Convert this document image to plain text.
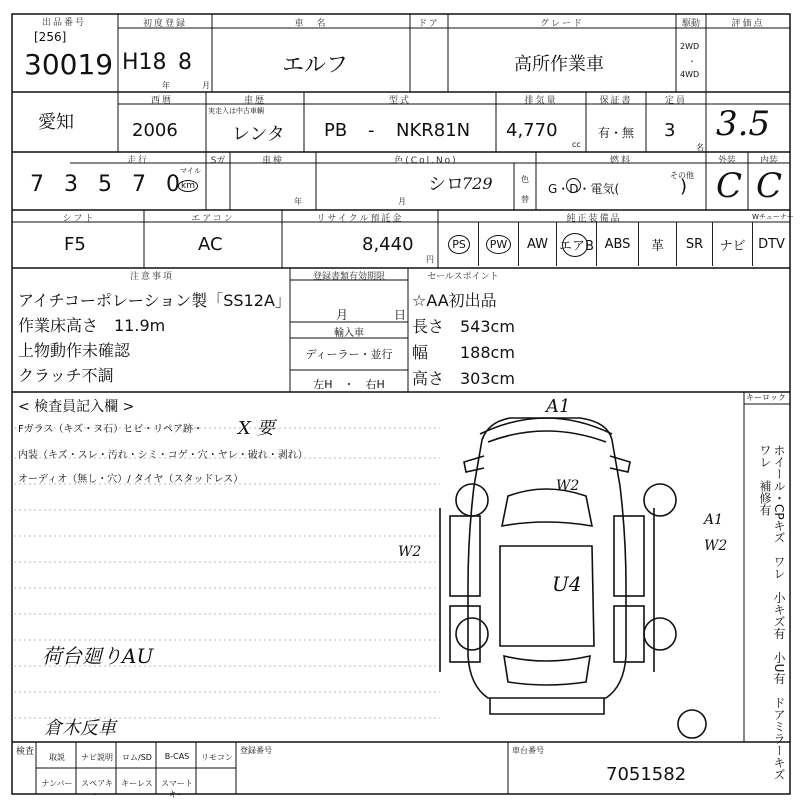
出品番号
[256]
30019
初度登録
H18 8
年	月
車　名
エルフ
ドア	グレード
高所作業車
駆動
2WD
・
4WD
評価点
3.5
愛知
西暦
2006
車歴
実走入は中古車輌
レンタ
型式
PB - NKR81N
排気量
4,770
cc
保証書
有・無
定員
3
名
走行
7 3 5 7 0
マイル
km
Sガ	車検
年	月
色(Col.No)
シロ
729	色替
燃料
G・D・電気(
その他
)
外装
C
内装
C
シフト
F5
エアコン
AC
リサイクル預託金
8,440
円
純正装備品	Wチューナー
PS	PW	AW エアB ABS 革 SR ナビ DTV
注意事項
アイチコーポレーション製「SS12A」
作業床高さ　11.9m
上物動作未確認
クラッチ不調
登録書類有効期限
月	日
輸入車
ディーラー・並行
左H　・　右H
セールスポイント
☆AA初出品
長さ　543cm
幅　　188cm
高さ　303cm
< 検査員記入欄 >
Fガラス（キズ・ヌ石）ヒビ・リペア跡・ X 要
内装（キズ・スレ・汚れ・シミ・コゲ・穴・ヤレ・破れ・剥れ）
オーディオ（無し・穴）/ タイヤ（スタッドレス）
荷台廻りAU
倉木反車
A1
W2
W2
A1
W2
U4
キーロック
ホイール・CPキズ　ワレ　小キズ有　小U有　ドアミラーキズ　ワレ　補修有
検査
取説	ナビ説明	ロム/SD	B-CAS	リモコン
ナンバー	スペアキー
キーレス	スマートキー
登録番号	車台番号
7051582
